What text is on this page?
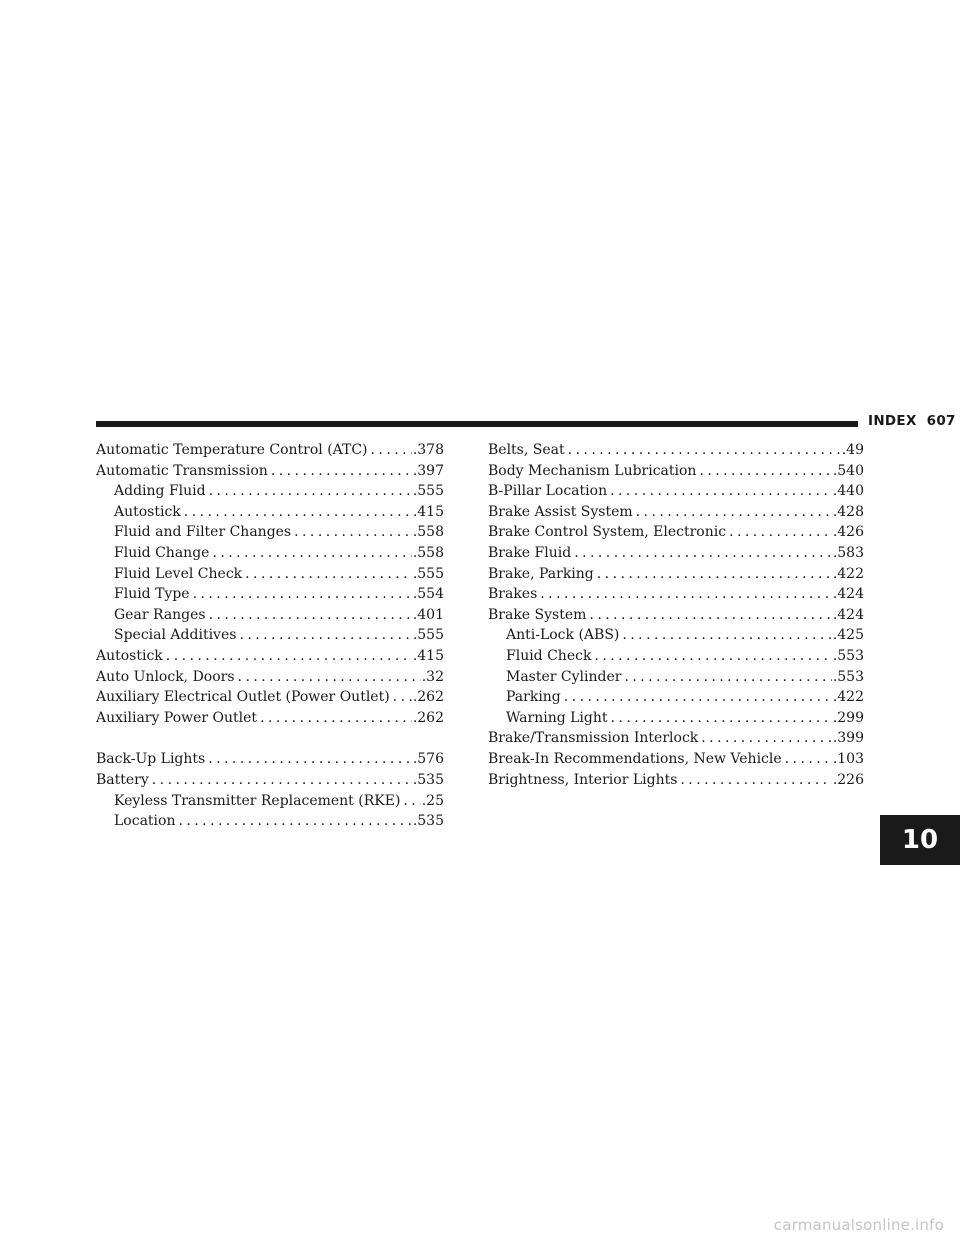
INDEX 607
Automatic Temperature Control (ATC) . . .	.378
Automatic Transmission . . .	.397
Adding Fluid . . .	.555
Autostick . . .	.415
Fluid and Filter Changes . . .	.558
Fluid Change . . .	.558
Fluid Level Check . . .	.555
Fluid Type . . .	.554
Gear Ranges . . .	.401
Special Additives . . .	.555
Autostick . . .	.415
Auto Unlock, Doors . . .	.32
Auxiliary Electrical Outlet (Power Outlet) . . . .262
Auxiliary Power Outlet . . .	.262
Back-Up Lights . . .	.576
Battery . . .	.535
Keyless Transmitter Replacement (RKE) . . . .25
Location . . .	.535
Belts, Seat . . .	.49
Body Mechanism Lubrication . . .	.540
B-Pillar Location . . .	.440
Brake Assist System . . .	.428
Brake Control System, Electronic . . .	.426
Brake Fluid . . .	.583
Brake, Parking . . .	.422
Brakes . . .	.424
Brake System . . .	.424
Anti-Lock (ABS) . . .	.425
Fluid Check . . .	.553
Master Cylinder . . .	.553
Parking . . .	.422
Warning Light . . .	.299
Brake/Transmission Interlock . . .	.399
Break-In Recommendations, New Vehicle . . .	.103
Brightness, Interior Lights . . .	.226
10
carmanualsonline.info
